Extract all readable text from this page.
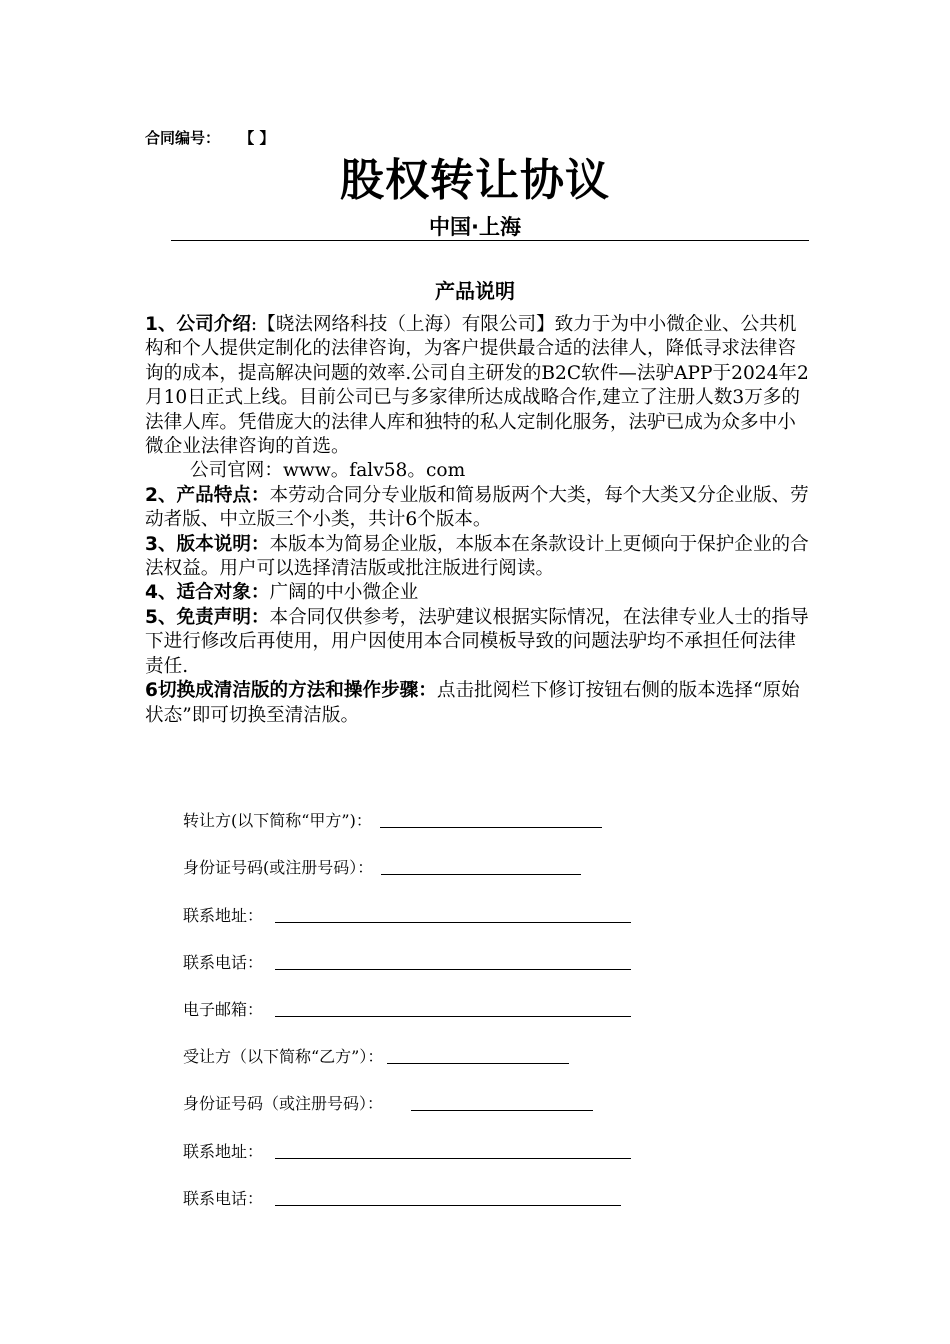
合同编号： 【 】
股权转让协议
中国·上海
产品说明

1、公司介绍:【晓法网络科技（上海）有限公司】致力于为中小微企业、公共机构和个人提供定制化的法律咨询，为客户提供最合适的法律人，降低寻求法律咨询的成本，提高解决问题的效率.公司自主研发的B2C软件—法驴APP于2024年2月10日正式上线。目前公司已与多家律所达成战略合作,建立了注册人数3万多的法律人库。凭借庞大的法律人库和独特的私人定制化服务，法驴已成为众多中小微企业法律咨询的首选。

公司官网：www。falv58。com

2、产品特点：本劳动合同分专业版和简易版两个大类，每个大类又分企业版、劳动者版、中立版三个小类，共计6个版本。

3、版本说明：本版本为简易企业版，本版本在条款设计上更倾向于保护企业的合法权益。用户可以选择清洁版或批注版进行阅读。

4、适合对象：广阔的中小微企业

5、免责声明：本合同仅供参考，法驴建议根据实际情况，在法律专业人士的指导下进行修改后再使用，用户因使用本合同模板导致的问题法驴均不承担任何法律责任.

6切换成清洁版的方法和操作步骤：点击批阅栏下修订按钮右侧的版本选择“原始状态”即可切换至清洁版。

转让方(以下简称“甲方”)：
身份证号码(或注册号码）：
联系地址：
联系电话：
电子邮箱：
受让方（以下简称“乙方”）：
身份证号码（或注册号码）：
联系地址：
联系电话：
